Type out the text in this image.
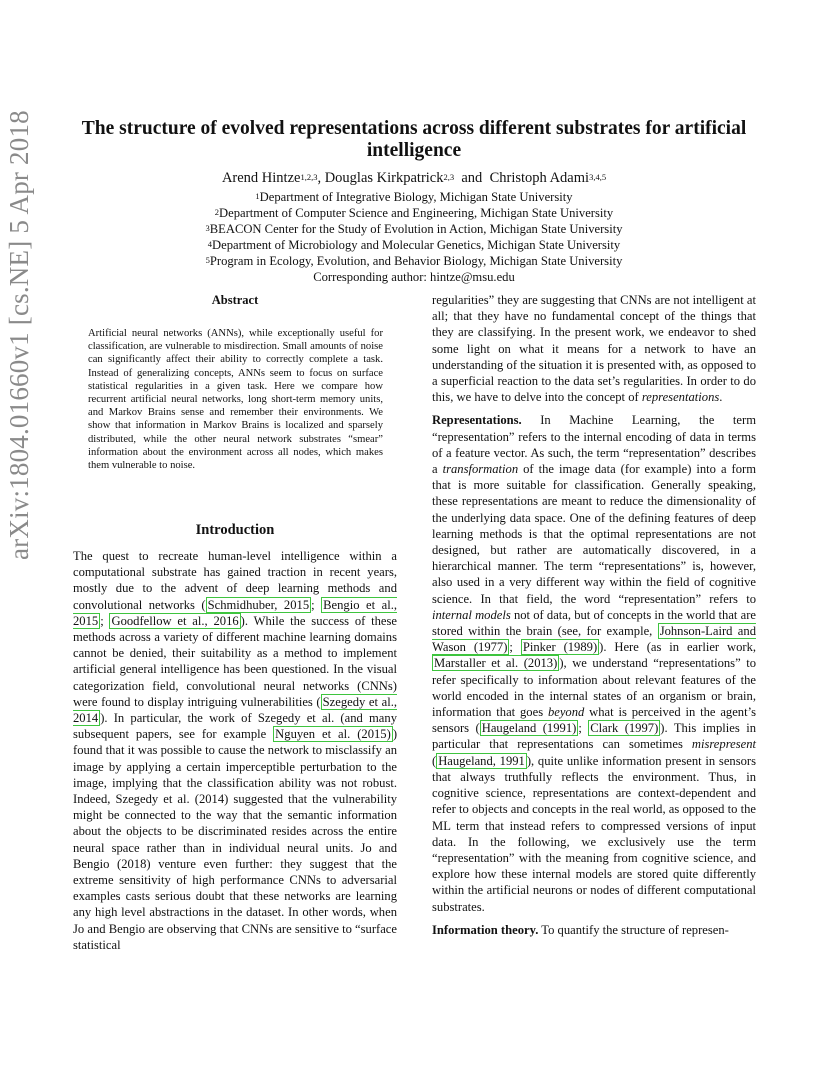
arXiv:1804.01660v1 [cs.NE] 5 Apr 2018 The structure of evolved representations across different substrates for artificial intelligence
Arend Hintze$^{1,2,3}$, Douglas Kirkpatrick$^{2,3}$ and Christoph Adami$^{3,4,5}$
$^1$Department of Integrative Biology, Michigan State University
$^2$Department of Computer Science and Engineering, Michigan State University
$^3$BEACON Center for the Study of Evolution in Action, Michigan State University
$^4$Department of Microbiology and Molecular Genetics, Michigan State University
$^5$Program in Ecology, Evolution, and Behavior Biology, Michigan State University
Corresponding author: hintze@msu.edu
Abstract
Artificial neural networks (ANNs), while exceptionally useful for classification, are vulnerable to misdirection. Small amounts of noise can significantly affect their ability to correctly complete a task. Instead of generalizing concepts, ANNs seem to focus on surface statistical regularities in a given task. Here we compare how recurrent artificial neural networks, long short-term memory units, and Markov Brains sense and remember their environments. We show that information in Markov Brains is localized and sparsely distributed, while the other neural network substrates “smear” information about the environment across all nodes, which makes them vulnerable to noise.
Introduction
The quest to recreate human-level intelligence within a computational substrate has gained traction in recent years, mostly due to the advent of deep learning methods and convolutional networks ( Schmidhuber, 2015 ; Bengio et al., 2015 ; Goodfellow et al., 2016 ). While the success of these methods across a variety of different machine learning domains cannot be denied, their suitability as a method to implement artificial general intelligence has been questioned. In the visual categorization field, convolutional neural networks (CNNs) were found to display intriguing vulnerabilities ( Szegedy et al., 2014 ). In particular, the work of Szegedy et al. (and many subsequent papers, see for example Nguyen et al. (2015) ) found that it was possible to cause the network to misclassify an image by applying a certain imperceptible perturbation to the image, implying that the classification ability was not robust. Indeed, Szegedy et al. (2014) suggested that the vulnerability might be connected to the way that the semantic information about the objects to be discriminated resides across the entire neural space rather than in individual neural units. Jo and Bengio (2018) venture even further: they suggest that the extreme sensitivity of high performance CNNs to adversarial examples casts serious doubt that these networks are learning any high level abstractions in the dataset. In other words, when Jo and Bengio are observing that CNNs are sensitive to “surface statistical

regularities” they are suggesting that CNNs are not intelligent at all; that they have no fundamental concept of the things that they are classifying. In the present work, we endeavor to shed some light on what it means for a network to have an understanding of the situation it is presented with, as opposed to a superficial reaction to the data set’s regularities. In order to do this, we have to delve into the concept of representations.

Representations. In Machine Learning, the term “representation” refers to the internal encoding of data in terms of a feature vector. As such, the term “representation” describes a transformation of the image data (for example) into a form that is more suitable for classification. Generally speaking, these representations are meant to reduce the dimensionality of the underlying data space. One of the defining features of deep learning methods is that the optimal representations are not designed, but rather are automatically discovered, in a hierarchical manner. The term “representations” is, however, also used in a very different way within the field of cognitive science. In that field, the word “representation” refers to internal models not of data, but of concepts in the world that are stored within the brain (see, for example, Johnson-Laird and Wason (1977) ; Pinker (1989) ). Here (as in earlier work, Marstaller et al. (2013) ), we understand “representations” to refer specifically to information about relevant features of the world encoded in the internal states of an organism or brain, information that goes beyond what is perceived in the agent’s sensors ( Haugeland (1991) ; Clark (1997) ). This implies in particular that representations can sometimes misrepresent ( Haugeland, 1991 ), quite unlike information present in sensors that always truthfully reflects the environment. Thus, in cognitive science, representations are context-dependent and refer to objects and concepts in the real world, as opposed to the ML term that instead refers to compressed versions of input data. In the following, we exclusively use the term “representation” with the meaning from cognitive science, and explore how these internal models are stored quite differently within the artificial neurons or nodes of different computational substrates.

Information theory. To quantify the structure of represen-
